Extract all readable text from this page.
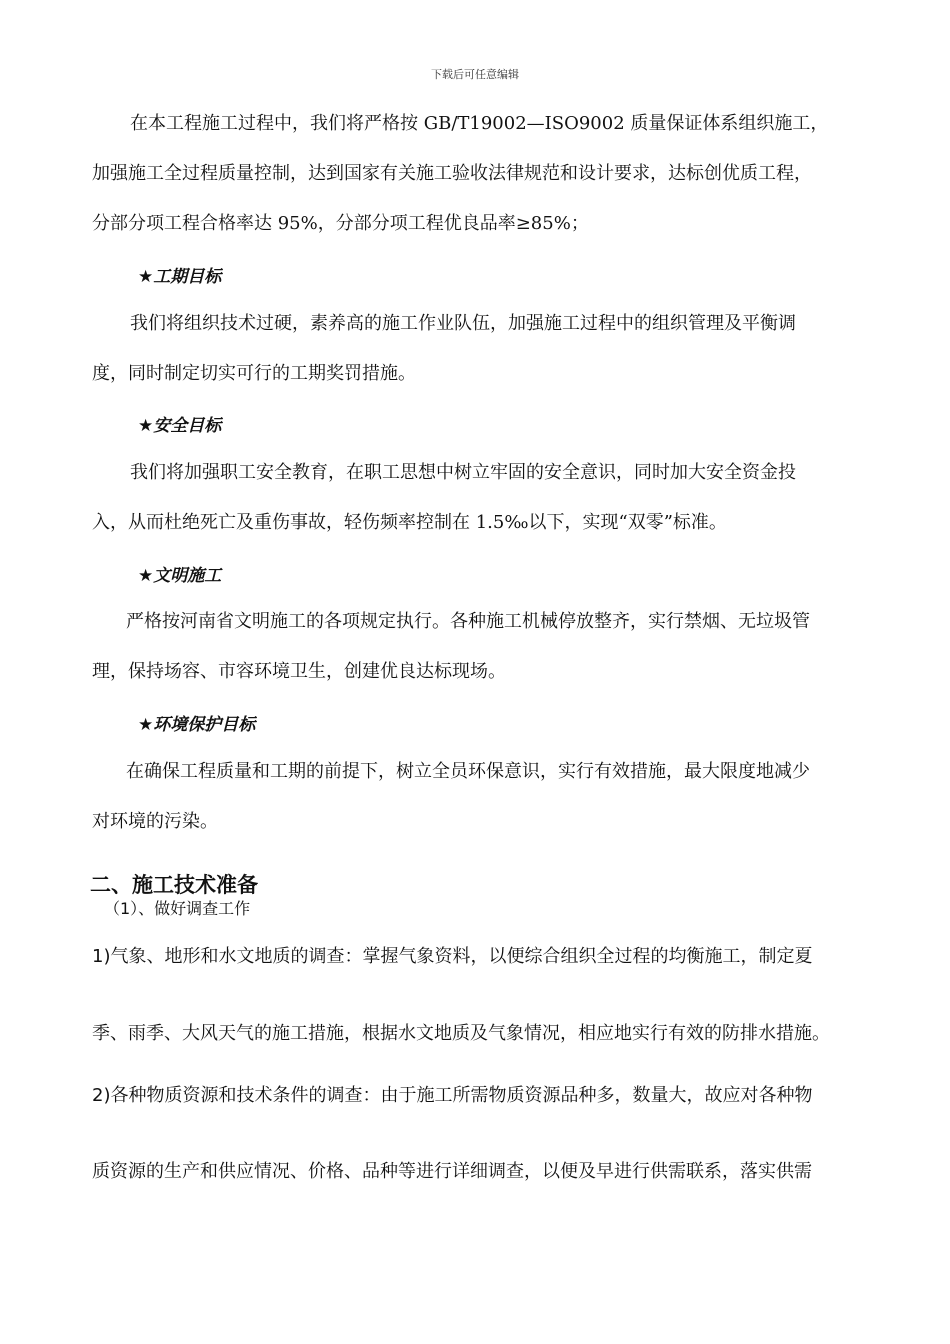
下载后可任意编辑
在本工程施工过程中，我们将严格按 GB/T19002—ISO9002 质量保证体系组织施工，
加强施工全过程质量控制，达到国家有关施工验收法律规范和设计要求，达标创优质工程，
分部分项工程合格率达 95%，分部分项工程优良品率≥85%；
★工期目标
我们将组织技术过硬，素养高的施工作业队伍，加强施工过程中的组织管理及平衡调
度，同时制定切实可行的工期奖罚措施。
★安全目标
我们将加强职工安全教育，在职工思想中树立牢固的安全意识，同时加大安全资金投
入，从而杜绝死亡及重伤事故，轻伤频率控制在 1.5‰以下，实现“双零”标准。
★文明施工
严格按河南省文明施工的各项规定执行。各种施工机械停放整齐，实行禁烟、无垃圾管
理，保持场容、市容环境卫生，创建优良达标现场。
★环境保护目标
在确保工程质量和工期的前提下，树立全员环保意识，实行有效措施，最大限度地减少
对环境的污染。
二、施工技术准备
（1）、做好调查工作
1)气象、地形和水文地质的调查：掌握气象资料，以便综合组织全过程的均衡施工，制定夏
季、雨季、大风天气的施工措施，根据水文地质及气象情况，相应地实行有效的防排水措施。
2)各种物质资源和技术条件的调查：由于施工所需物质资源品种多，数量大，故应对各种物
质资源的生产和供应情况、价格、品种等进行详细调查，以便及早进行供需联系，落实供需
